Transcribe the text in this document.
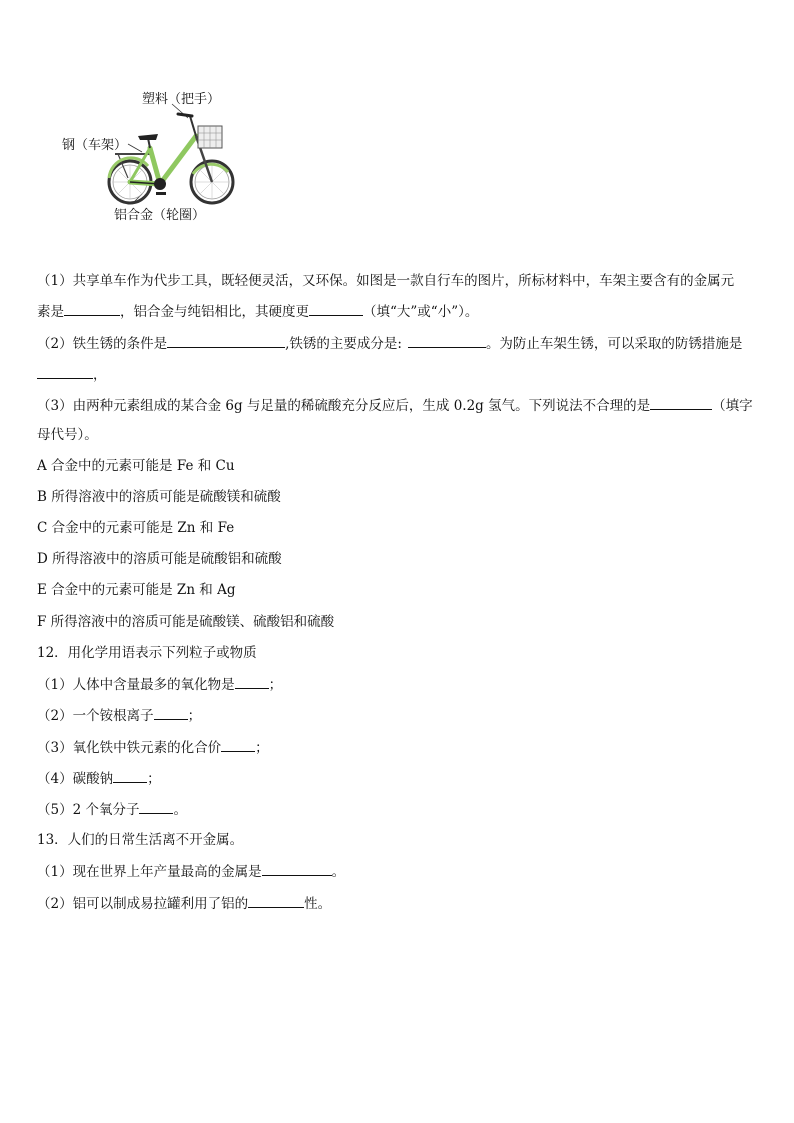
塑料（把手）
钢（车架）
铝合金（轮圈）
（1）共享单车作为代步工具，既轻便灵活，又环保。如图是一款自行车的图片，所标材料中，车架主要含有的金属元
素是	，铝合金与纯铝相比，其硬度更	（填“大”或“小”）。
（2）铁生锈的条件是	,铁锈的主要成分是:	。为防止车架生锈，可以采取的防锈措施是
，
（3）由两种元素组成的某合金 6g 与足量的稀硫酸充分反应后，生成 0.2g 氢气。下列说法不合理的是	（填字
母代号）。
A 合金中的元素可能是 Fe 和 Cu
B 所得溶液中的溶质可能是硫酸镁和硫酸
C 合金中的元素可能是 Zn 和 Fe
D 所得溶液中的溶质可能是硫酸铝和硫酸
E 合金中的元素可能是 Zn 和 Ag
F 所得溶液中的溶质可能是硫酸镁、硫酸铝和硫酸
12．用化学用语表示下列粒子或物质
（1）人体中含量最多的氧化物是	；
（2）一个铵根离子	；
（3）氧化铁中铁元素的化合价	；
（4）碳酸钠	；
（5）2 个氧分子	。
13．人们的日常生活离不开金属。
（1）现在世界上年产量最高的金属是	。
（2）铝可以制成易拉罐利用了铝的	性。
